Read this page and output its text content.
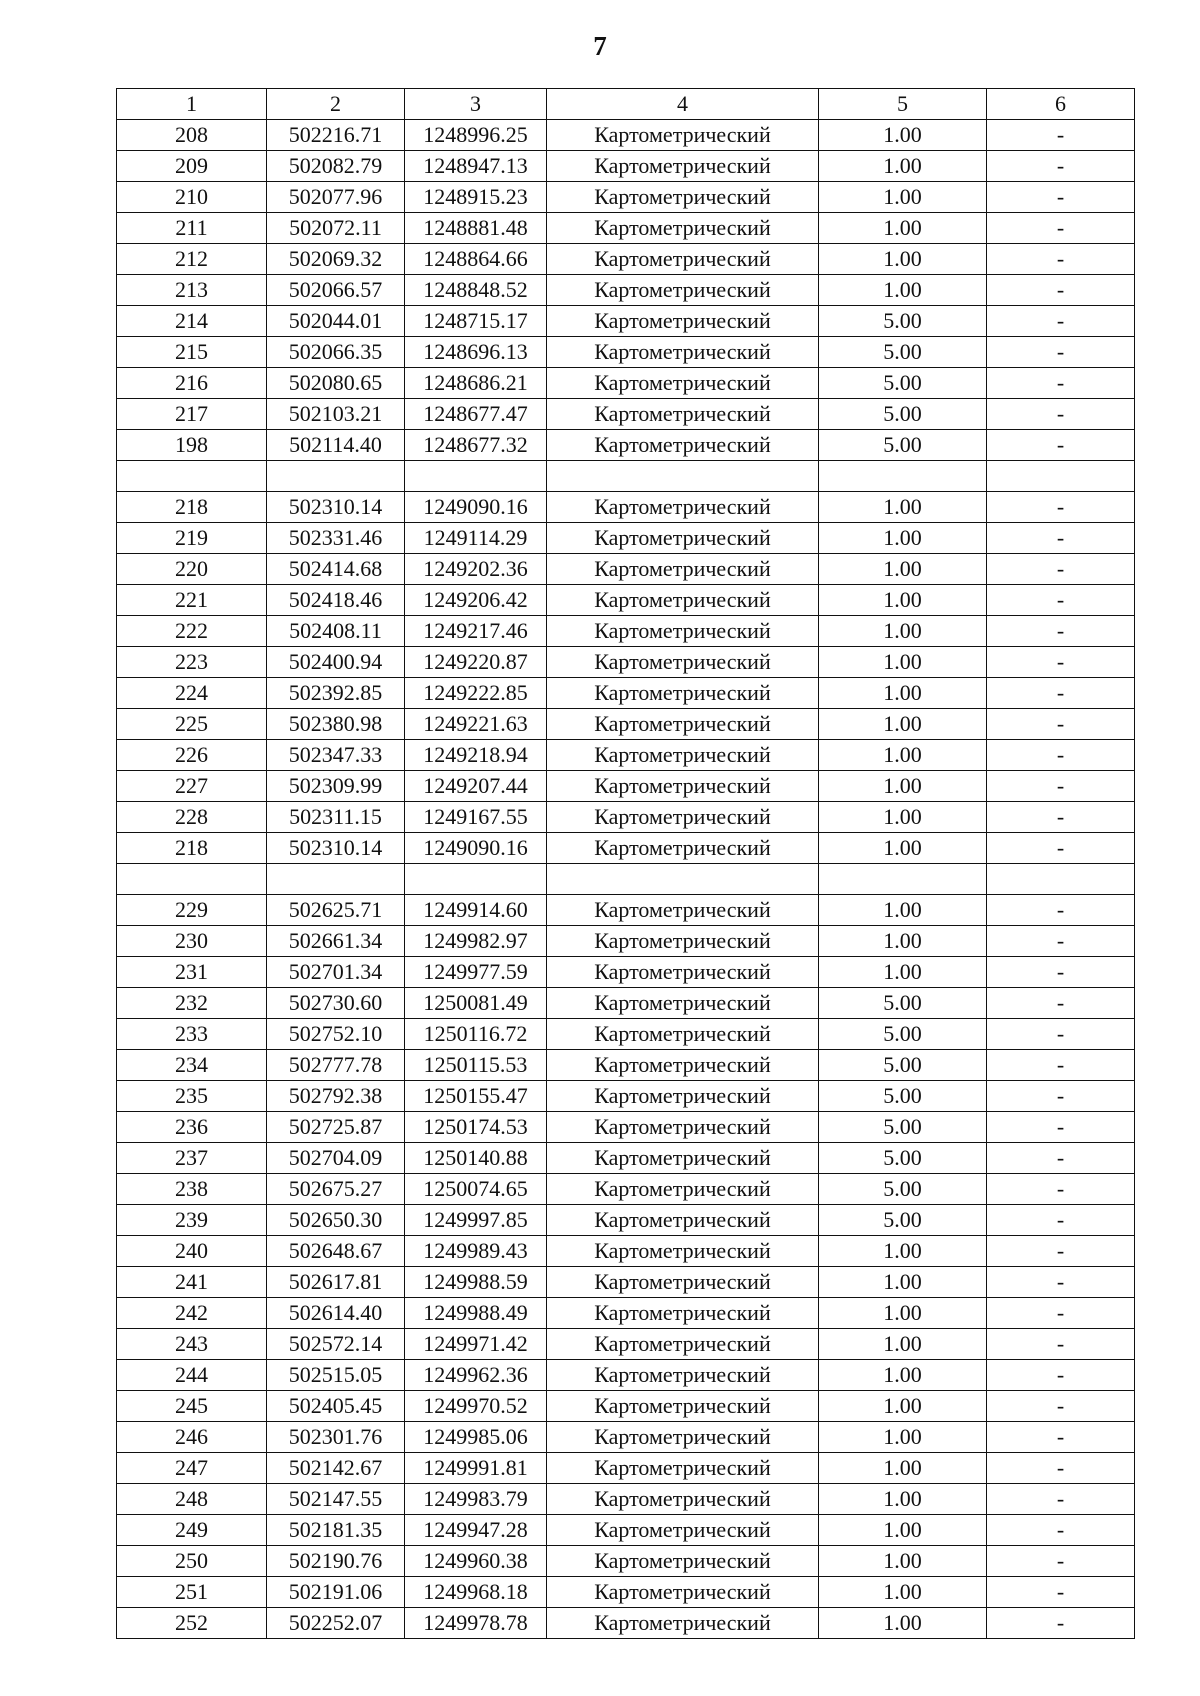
7
1	2	3	4	5	6
208	502216.71	1248996.25	Картометрический	1.00	-
209	502082.79	1248947.13	Картометрический	1.00	-
210	502077.96	1248915.23	Картометрический	1.00	-
211	502072.11	1248881.48	Картометрический	1.00	-
212	502069.32	1248864.66	Картометрический	1.00	-
213	502066.57	1248848.52	Картометрический	1.00	-
214	502044.01	1248715.17	Картометрический	5.00	-
215	502066.35	1248696.13	Картометрический	5.00	-
216	502080.65	1248686.21	Картометрический	5.00	-
217	502103.21	1248677.47	Картометрический	5.00	-
198	502114.40	1248677.32	Картометрический	5.00	-

218	502310.14	1249090.16	Картометрический	1.00	-
219	502331.46	1249114.29	Картометрический	1.00	-
220	502414.68	1249202.36	Картометрический	1.00	-
221	502418.46	1249206.42	Картометрический	1.00	-
222	502408.11	1249217.46	Картометрический	1.00	-
223	502400.94	1249220.87	Картометрический	1.00	-
224	502392.85	1249222.85	Картометрический	1.00	-
225	502380.98	1249221.63	Картометрический	1.00	-
226	502347.33	1249218.94	Картометрический	1.00	-
227	502309.99	1249207.44	Картометрический	1.00	-
228	502311.15	1249167.55	Картометрический	1.00	-
218	502310.14	1249090.16	Картометрический	1.00	-

229	502625.71	1249914.60	Картометрический	1.00	-
230	502661.34	1249982.97	Картометрический	1.00	-
231	502701.34	1249977.59	Картометрический	1.00	-
232	502730.60	1250081.49	Картометрический	5.00	-
233	502752.10	1250116.72	Картометрический	5.00	-
234	502777.78	1250115.53	Картометрический	5.00	-
235	502792.38	1250155.47	Картометрический	5.00	-
236	502725.87	1250174.53	Картометрический	5.00	-
237	502704.09	1250140.88	Картометрический	5.00	-
238	502675.27	1250074.65	Картометрический	5.00	-
239	502650.30	1249997.85	Картометрический	5.00	-
240	502648.67	1249989.43	Картометрический	1.00	-
241	502617.81	1249988.59	Картометрический	1.00	-
242	502614.40	1249988.49	Картометрический	1.00	-
243	502572.14	1249971.42	Картометрический	1.00	-
244	502515.05	1249962.36	Картометрический	1.00	-
245	502405.45	1249970.52	Картометрический	1.00	-
246	502301.76	1249985.06	Картометрический	1.00	-
247	502142.67	1249991.81	Картометрический	1.00	-
248	502147.55	1249983.79	Картометрический	1.00	-
249	502181.35	1249947.28	Картометрический	1.00	-
250	502190.76	1249960.38	Картометрический	1.00	-
251	502191.06	1249968.18	Картометрический	1.00	-
252	502252.07	1249978.78	Картометрический	1.00	-
